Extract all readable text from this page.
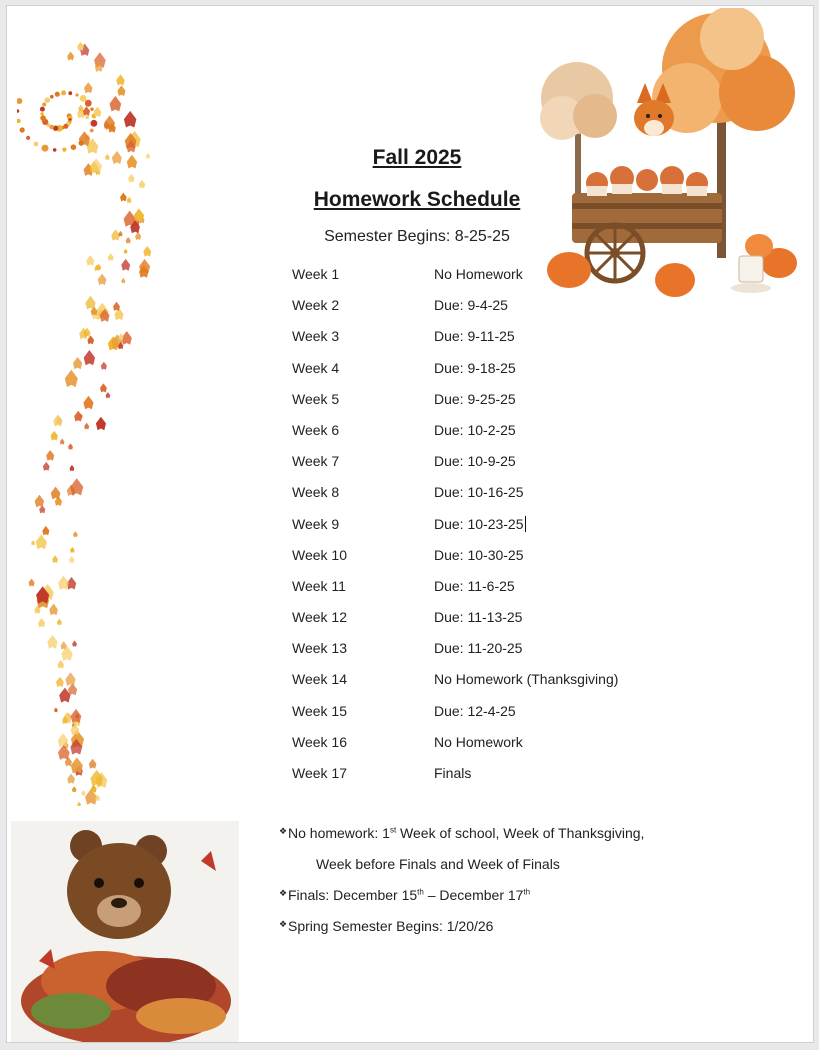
Fall 2025
Homework Schedule
Semester Begins: 8-25-25
Week 1	No Homework
Week 2	Due: 9-4-25
Week 3	Due: 9-11-25
Week 4	Due: 9-18-25
Week 5	Due: 9-25-25
Week 6	Due: 10-2-25
Week 7	Due: 10-9-25
Week 8	Due: 10-16-25
Week 9	Due: 10-23-25
Week 10	Due: 10-30-25
Week 11	Due: 11-6-25
Week 12	Due: 11-13-25
Week 13	Due: 11-20-25
Week 14	No Homework (Thanksgiving)
Week 15	Due: 12-4-25
Week 16	No Homework
Week 17	Finals
❖ No homework: 1st Week of school, Week of Thanksgiving,
Week before Finals and Week of Finals
❖ Finals: December 15th – December 17th
❖ Spring Semester Begins: 1/20/26
